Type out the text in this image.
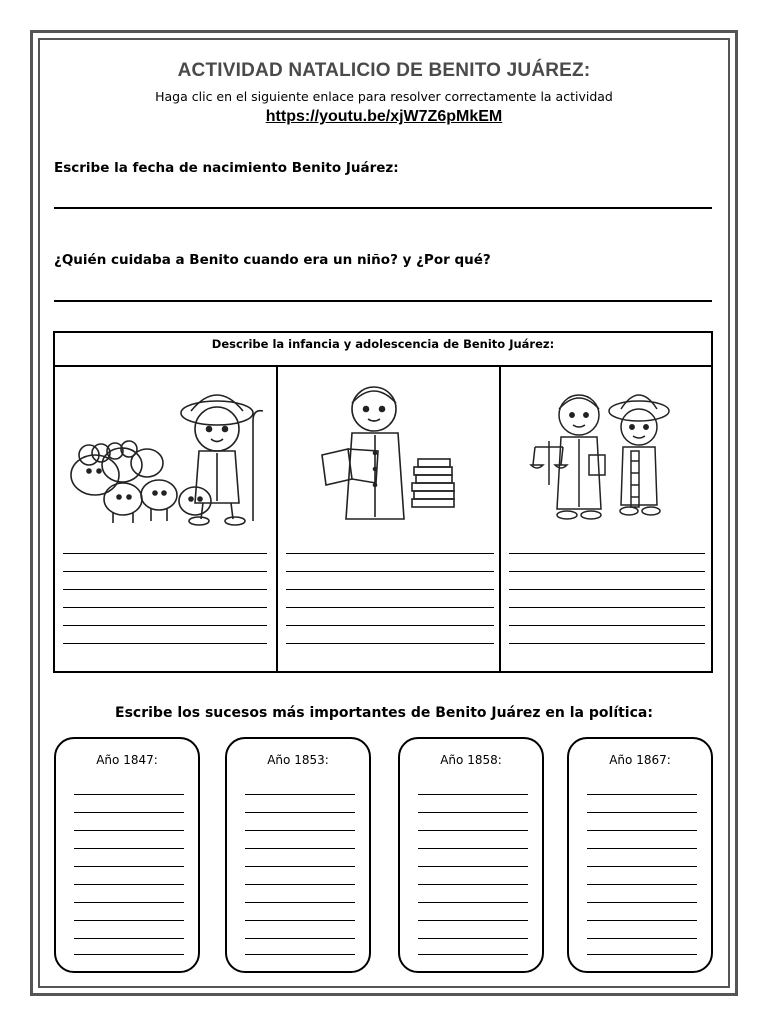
ACTIVIDAD NATALICIO DE BENITO JUÁREZ:
Haga clic en el siguiente enlace para resolver correctamente la actividad
https://youtu.be/xjW7Z6pMkEM
Escribe la fecha de nacimiento Benito Juárez:
¿Quién cuidaba a Benito cuando era un niño? y ¿Por qué?
Describe la infancia y adolescencia de Benito Juárez:
Escribe los sucesos más importantes de Benito Juárez en la política:
Año 1847:	Año 1853:	Año 1858:	Año 1867:
